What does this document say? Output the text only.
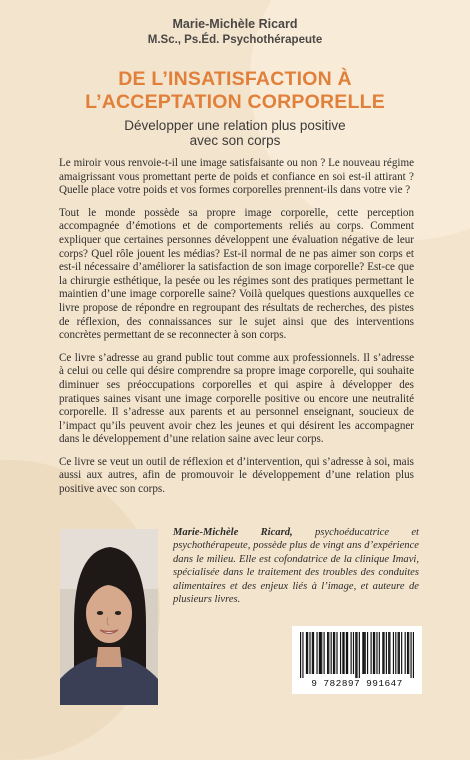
Marie-Michèle Ricard
M.Sc., Ps.Éd. Psychothérapeute
DE L’INSATISFACTION À
L’ACCEPTATION CORPORELLE
Développer une relation plus positive
avec son corps

Le miroir vous renvoie-t-il une image satisfaisante ou non ? Le nouveau régime amaigrissant vous promettant perte de poids et confiance en soi est-il attirant ? Quelle place votre poids et vos formes corporelles prennent-ils dans votre vie ?

Tout le monde possède sa propre image corporelle, cette perception accompagnée d’émotions et de comportements reliés au corps. Comment expliquer que certaines personnes développent une évaluation négative de leur corps? Quel rôle jouent les médias? Est-il normal de ne pas aimer son corps et est-il nécessaire d’améliorer la satisfaction de son image corporelle? Est-ce que la chirurgie esthétique, la pesée ou les régimes sont des pratiques permettant le maintien d’une image corporelle saine? Voilà quelques questions auxquelles ce livre propose de répondre en regroupant des résultats de recherches, des pistes de réflexion, des connaissances sur le sujet ainsi que des interventions concrètes permettant de se reconnecter à son corps.

Ce livre s’adresse au grand public tout comme aux professionnels. Il s’adresse à celui ou celle qui désire comprendre sa propre image corporelle, qui souhaite diminuer ses préoccupations corporelles et qui aspire à développer des pratiques saines visant une image corporelle positive ou encore une neutralité corporelle. Il s’adresse aux parents et au personnel enseignant, soucieux de l’impact qu’ils peuvent avoir chez les jeunes et qui désirent les accompagner dans le développement d’une relation saine avec leur corps.

Ce livre se veut un outil de réflexion et d’intervention, qui s’adresse à soi, mais aussi aux autres, afin de promouvoir le développement d’une relation plus positive avec son corps.

Marie-Michèle Ricard, psychoéducatrice et psychothérapeute, possède plus de vingt ans d’expérience dans le milieu. Elle est cofondatrice de la clinique Imavi, spécialisée dans le traitement des troubles des conduites alimentaires et des enjeux liés à l’image, et auteure de plusieurs livres.
9 782897 991647
